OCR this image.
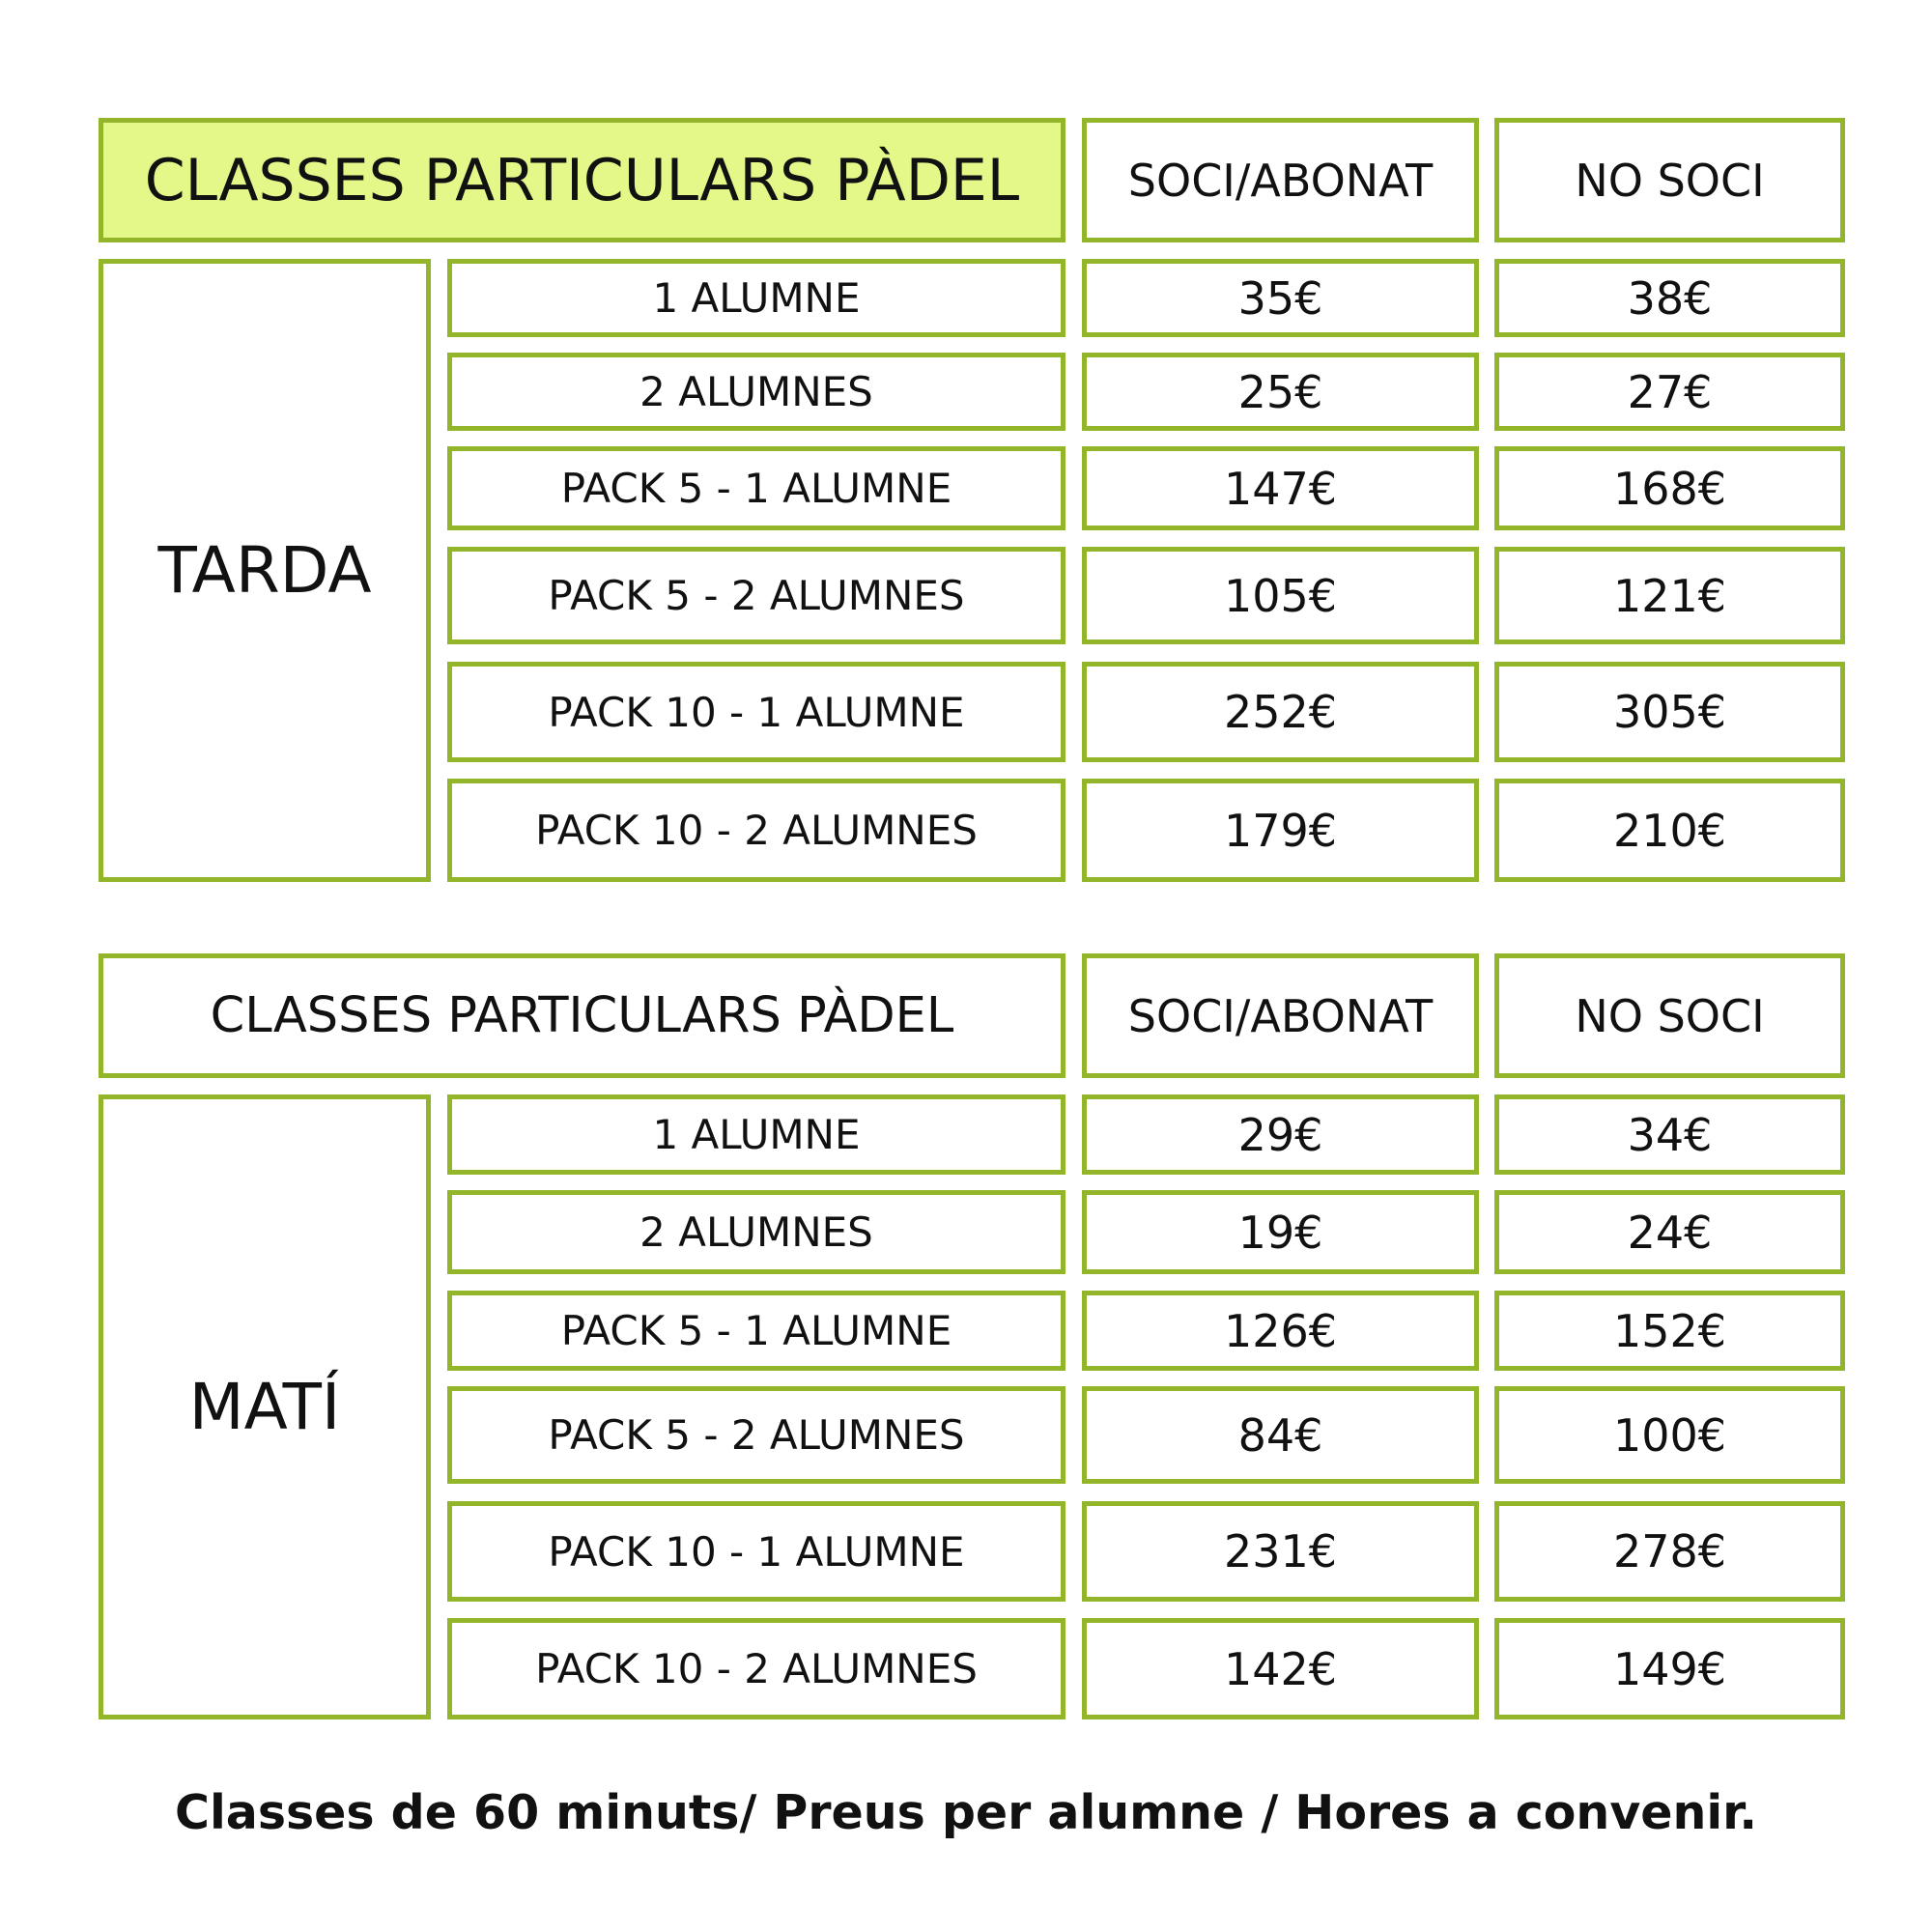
CLASSES PARTICULARS PÀDEL	SOCI/ABONAT	NO SOCI
TARDA
1 ALUMNE	35€	38€
2 ALUMNES	25€	27€
PACK 5 - 1 ALUMNE	147€	168€
PACK 5 - 2 ALUMNES	105€	121€
PACK 10 - 1 ALUMNE	252€	305€
PACK 10 - 2 ALUMNES	179€	210€
CLASSES PARTICULARS PÀDEL	SOCI/ABONAT	NO SOCI
MATÍ
1 ALUMNE	29€	34€
2 ALUMNES	19€	24€
PACK 5 - 1 ALUMNE	126€	152€
PACK 5 - 2 ALUMNES	84€	100€
PACK 10 - 1 ALUMNE	231€	278€
PACK 10 - 2 ALUMNES	142€	149€
Classes de 60 minuts/ Preus per alumne / Hores a convenir.
